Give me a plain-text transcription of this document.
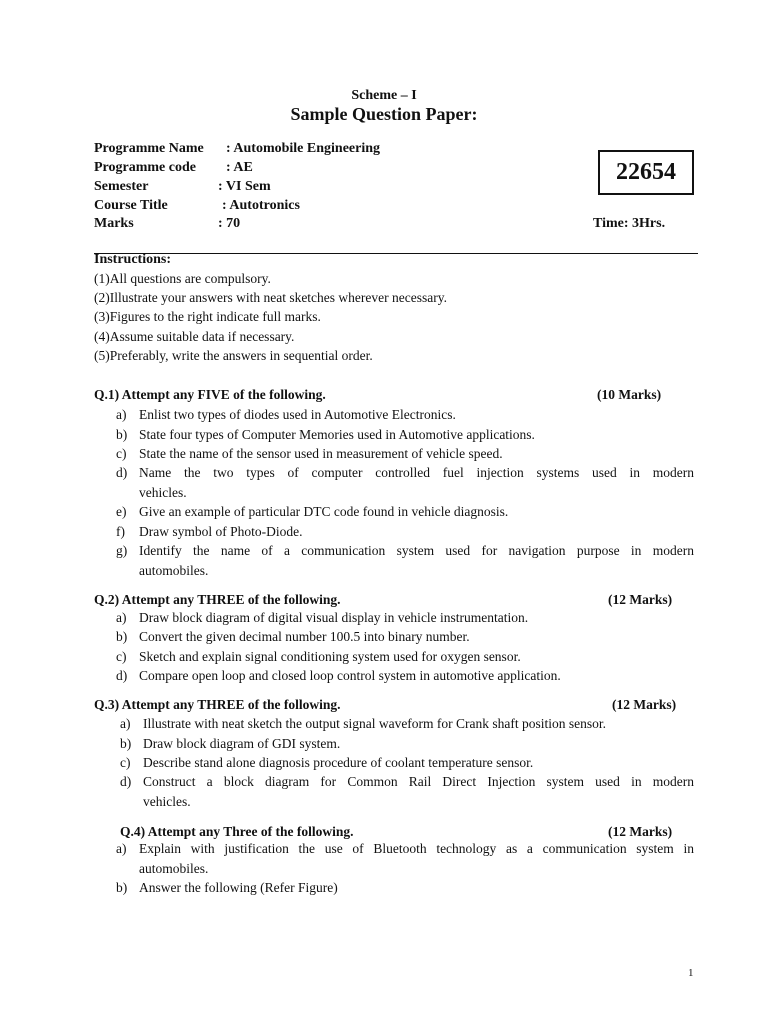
Scheme – I
Sample Question Paper:
Programme Name : Automobile Engineering
Programme code : AE
Semester	: VI Sem
Course Title	: Autotronics
Marks	: 70
22654
Time: 3Hrs.
Instructions:
(1)All questions are compulsory.
(2)Illustrate your answers with neat sketches wherever necessary.
(3)Figures to the right indicate full marks.
(4)Assume suitable data if necessary.
(5)Preferably, write the answers in sequential order.
Q.1) Attempt any FIVE of the following.	(10 Marks)
a) Enlist two types of diodes used in Automotive Electronics.
b) State four types of Computer Memories used in Automotive applications.
c) State the name of the sensor used in measurement of vehicle speed.
d) Name the two types of computer controlled fuel injection systems used in modern
vehicles.
e) Give an example of particular DTC code found in vehicle diagnosis.
f) Draw symbol of Photo-Diode.
g) Identify the name of a communication system used for navigation purpose in modern
automobiles.
Q.2) Attempt any THREE of the following.	(12 Marks)
a) Draw block diagram of digital visual display in vehicle instrumentation.
b) Convert the given decimal number 100.5 into binary number.
c) Sketch and explain signal conditioning system used for oxygen sensor.
d) Compare open loop and closed loop control system in automotive application.
Q.3) Attempt any THREE of the following.	(12 Marks)
a) Illustrate with neat sketch the output signal waveform for Crank shaft position sensor.
b) Draw block diagram of GDI system.
c) Describe stand alone diagnosis procedure of coolant temperature sensor.
d) Construct a block diagram for Common Rail Direct Injection system used in modern
vehicles.
Q.4) Attempt any Three of the following.	(12 Marks)
a) Explain with justification the use of Bluetooth technology as a communication system in
automobiles.
b) Answer the following (Refer Figure)
1
